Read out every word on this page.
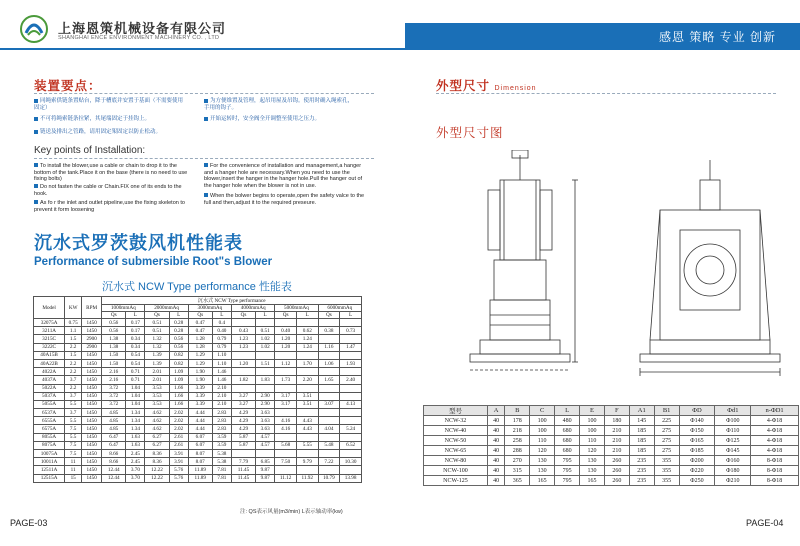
上海恩策机械设备有限公司
SHANGHAI ENCE ENVIRONMENT MACHINERY CO. , LTD	感恩 策略 专业 创新
装置要点：
同绳索供链条置贴台，降于槽底并安置于基面（不需要使用固定）
不可将绳索链条拉紧，其尾端固定于挂钩上。
链送及排出之管路，请用固定架固定以防止松动。
为方便维置及管理，起吊用屋及吊钩。使用时确入绳索孔，手用的钩子。
开始运转时，安全阀全开调整至使用之压力。
Key points of Installation:
To install the blower,use a cable or chain to drop it to the bottom of the tank.Place it on the base (there is no need to use fixing bolts)
Do not fasten the cable or Chain.FIX one of its ends to the hook.
As fo r the inlet and outlet pipeline,use the fixing skeleton to prevent it form loosening
For the convenience of installation and management,a hanger and a hanger hole are necessary.When you need to use the blower,insert the hanger in the hanger hole.Pull the hanger out of the hanger hole when the blower is not in use.
When the bolwer begins to operate,open the safety valce to the full and then,adjust it to the required preseure.
沉水式罗茨鼓风机性能表
Performance of submersible Root"s Blower
沉水式 NCW Type performance 性能表
Model	KW	RPM	沉水式 NCW Type performance											
			1000mmAq		2000mmAq		3000mmAq		4000mmAq		5000mmAq		6000mmAq	
			Qs	L	Qs	L	Qs	L	Qs	L	Qs	L	Qs	L
32075A	0.75	1450	0.56	0.17	0.51	0.28	0.47	0.4						
3211A	1.1	1450	0.56	0.17	0.51	0.28	0.47	0.40	0.43	0.51	0.40	0.62	0.38	0.73
3215C	1.5	2900	1.38	0.34	1.32	0.56	1.28	0.79	1.23	1.02	1.20	1.24		
3222C	2.2	2900	1.38	0.34	1.32	0.56	1.28	0.79	1.23	1.02	1.20	1.24	1.16	1.47
40A15B	1.5	1450	1.50	0.54	1.39	0.82	1.29	1.10						
40A22B	2.2	1450	1.50	0.54	1.39	0.82	1.29	1.10	1.20	1.51	1.12	1.70	1.06	1.93
4022A	2.2	1450	2.16	0.71	2.01	1.09	1.90	1.46						
4037A	3.7	1450	2.16	0.71	2.01	1.09	1.90	1.46	1.82	1.83	1.73	2.20	1.65	2.40
5022A	2.2	1450	3.72	1.04	3.53	1.66	3.39	2.10						
5037A	3.7	1450	3.72	1.04	3.53	1.66	3.39	2.10	3.27	2.90	3.17	3.51		
5055A	5.5	1450	3.72	1.04	3.53	1.66	3.39	2.10	3.27	2.90	3.17	3.51	3.07	4.13
6537A	3.7	1450	4.85	1.34	4.62	2.02	4.44	2.83	4.29	3.63				
6555A	5.5	1450	4.85	1.34	4.62	2.02	4.44	2.83	4.29	3.63	4.16	4.43		
6575A	7.5	1450	4.85	1.34	4.62	2.02	4.44	2.83	4.29	3.63	4.16	4.43	4.04	5.24
8055A	5.5	1450	6.47	1.63	6.27	2.61	6.07	3.59	5.87	4.57				
8075A	7.5	1450	6.47	1.63	6.27	2.61	6.07	3.59	5.87	4.57	5.68	5.55	5.48	6.52
10075A	7.5	1450	8.66	2.45	8.36	3.91	8.07	5.38						
10011A	11	1450	8.66	2.45	8.36	3.91	8.07	5.38	7.79	6.85	7.50	9.79	7.22	10.30
12511A	11	1450	12.44	3.70	12.22	5.76	11.89	7.81	11.45	9.87				
12515A	15	1450	12.44	3.70	12.22	5.76	11.89	7.81	11.45	9.87	11.12	11.92	10.79	13.98
注: QS表示风量(m3/min) L表示轴动率(kw)
外型尺寸 Dimension
外型尺寸图
型号	A	B	C	L	E	F	A1	B1	ΦD	Φd1	n-ΦD1
NCW-32	40	178	100	480	100	180	145	225	Φ140	Φ100	4-Φ18
NCW-40	40	218	100	680	100	210	185	275	Φ150	Φ110	4-Φ18
NCW-50	40	258	110	680	110	210	185	275	Φ165	Φ125	4-Φ18
NCW-65	40	288	120	680	120	210	185	275	Φ185	Φ145	4-Φ18
NCW-80	40	270	130	795	130	260	235	355	Φ200	Φ160	8-Φ18
NCW-100	40	315	130	795	130	260	235	355	Φ220	Φ180	8-Φ18
NCW-125	40	365	165	795	165	260	235	355	Φ250	Φ210	8-Φ18
PAGE-03	PAGE-04
